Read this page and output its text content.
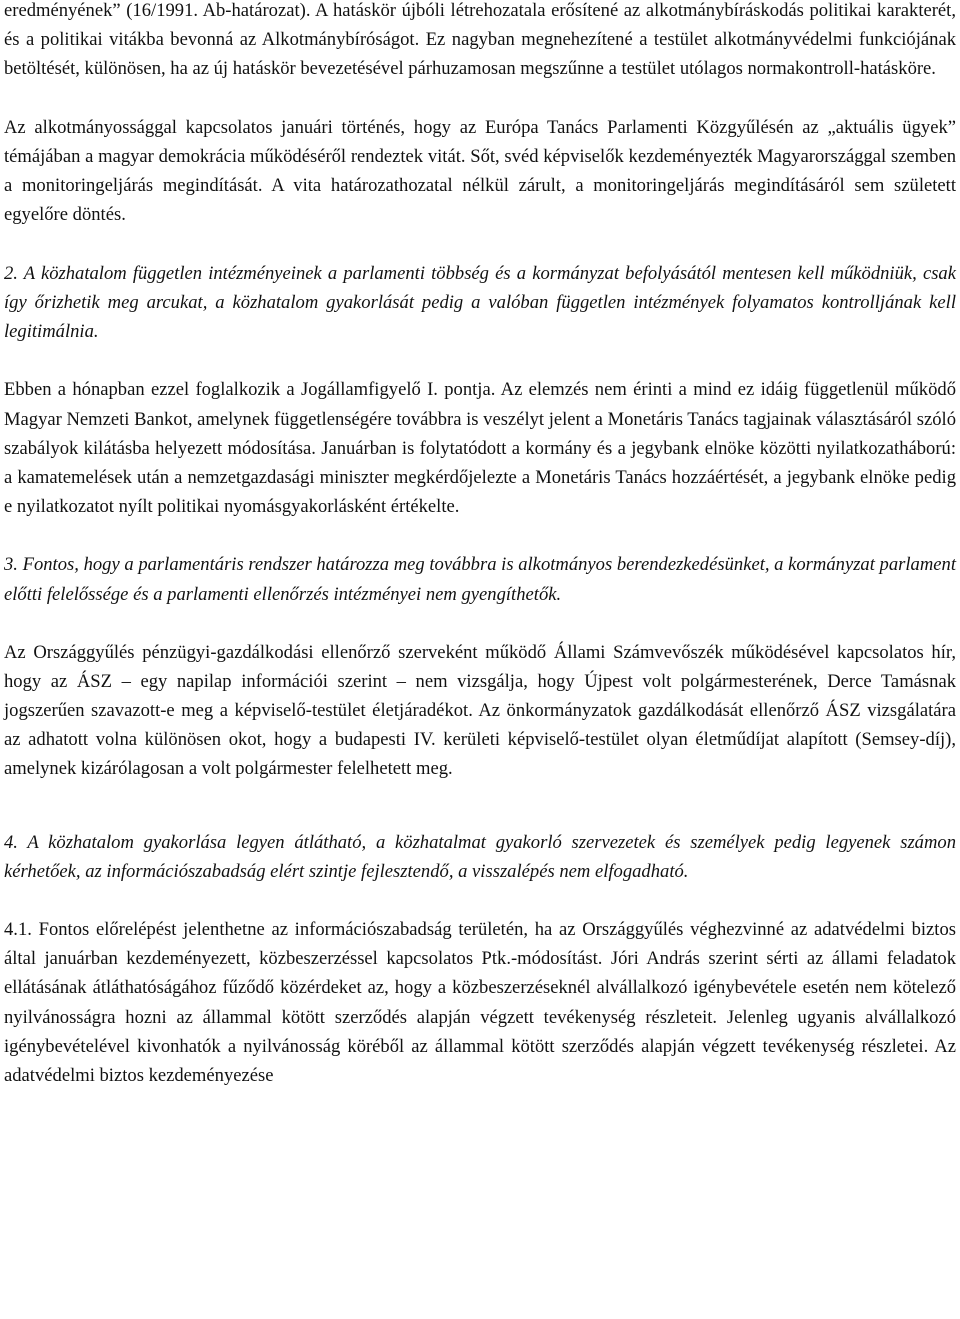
eredményének” (16/1991. Ab-határozat). A hatáskör újbóli létrehozatala erősítené az alkotmánybíráskodás politikai karakterét, és a politikai vitákba bevonná az Alkotmánybíróságot. Ez nagyban megnehezítené a testület alkotmányvédelmi funkciójának betöltését, különösen, ha az új hatáskör bevezetésével párhuzamosan megszűnne a testület utólagos normakontroll-hatásköre.

Az alkotmányossággal kapcsolatos januári történés, hogy az Európa Tanács Parlamenti Közgyűlésén az „aktuális ügyek” témájában a magyar demokrácia működéséről rendeztek vitát. Sőt, svéd képviselők kezdeményezték Magyarországgal szemben a monitoringeljárás megindítását. A vita határozathozatal nélkül zárult, a monitoringeljárás megindításáról sem született egyelőre döntés.

2. A közhatalom független intézményeinek a parlamenti többség és a kormányzat befolyásától mentesen kell működniük, csak így őrizhetik meg arcukat, a közhatalom gyakorlását pedig a valóban független intézmények folyamatos kontrolljának kell legitimálnia.

Ebben a hónapban ezzel foglalkozik a Jogállamfigyelő I. pontja. Az elemzés nem érinti a mind ez idáig függetlenül működő Magyar Nemzeti Bankot, amelynek függetlenségére továbbra is veszélyt jelent a Monetáris Tanács tagjainak választásáról szóló szabályok kilátásba helyezett módosítása. Januárban is folytatódott a kormány és a jegybank elnöke közötti nyilatkozatháború: a kamatemelések után a nemzetgazdasági miniszter megkérdőjelezte a Monetáris Tanács hozzáértését, a jegybank elnöke pedig e nyilatkozatot nyílt politikai nyomásgyakorlásként értékelte.

3. Fontos, hogy a parlamentáris rendszer határozza meg továbbra is alkotmányos berendezkedésünket, a kormányzat parlament előtti felelőssége és a parlamenti ellenőrzés intézményei nem gyengíthetők.

Az Országgyűlés pénzügyi-gazdálkodási ellenőrző szerveként működő Állami Számvevőszék működésével kapcsolatos hír, hogy az ÁSZ – egy napilap információi szerint – nem vizsgálja, hogy Újpest volt polgármesterének, Derce Tamásnak jogszerűen szavazott-e meg a képviselő-testület életjáradékot. Az önkormányzatok gazdálkodását ellenőrző ÁSZ vizsgálatára az adhatott volna különösen okot, hogy a budapesti IV. kerületi képviselő-testület olyan életműdíjat alapított (Semsey-díj), amelynek kizárólagosan a volt polgármester felelhetett meg.

4. A közhatalom gyakorlása legyen átlátható, a közhatalmat gyakorló szervezetek és személyek pedig legyenek számon kérhetőek, az információszabadság elért szintje fejlesztendő, a visszalépés nem elfogadható.

4.1. Fontos előrelépést jelenthetne az információszabadság területén, ha az Országgyűlés véghezvinné az adatvédelmi biztos által januárban kezdeményezett, közbeszerzéssel kapcsolatos Ptk.-módosítást. Jóri András szerint sérti az állami feladatok ellátásának átláthatóságához fűződő közérdeket az, hogy a közbeszerzéseknél alvállalkozó igénybevétele esetén nem kötelező nyilvánosságra hozni az állammal kötött szerződés alapján végzett tevékenység részleteit. Jelenleg ugyanis alvállalkozó igénybevételével kivonhatók a nyilvánosság köréből az állammal kötött szerződés alapján végzett tevékenység részletei. Az adatvédelmi biztos kezdeményezése
